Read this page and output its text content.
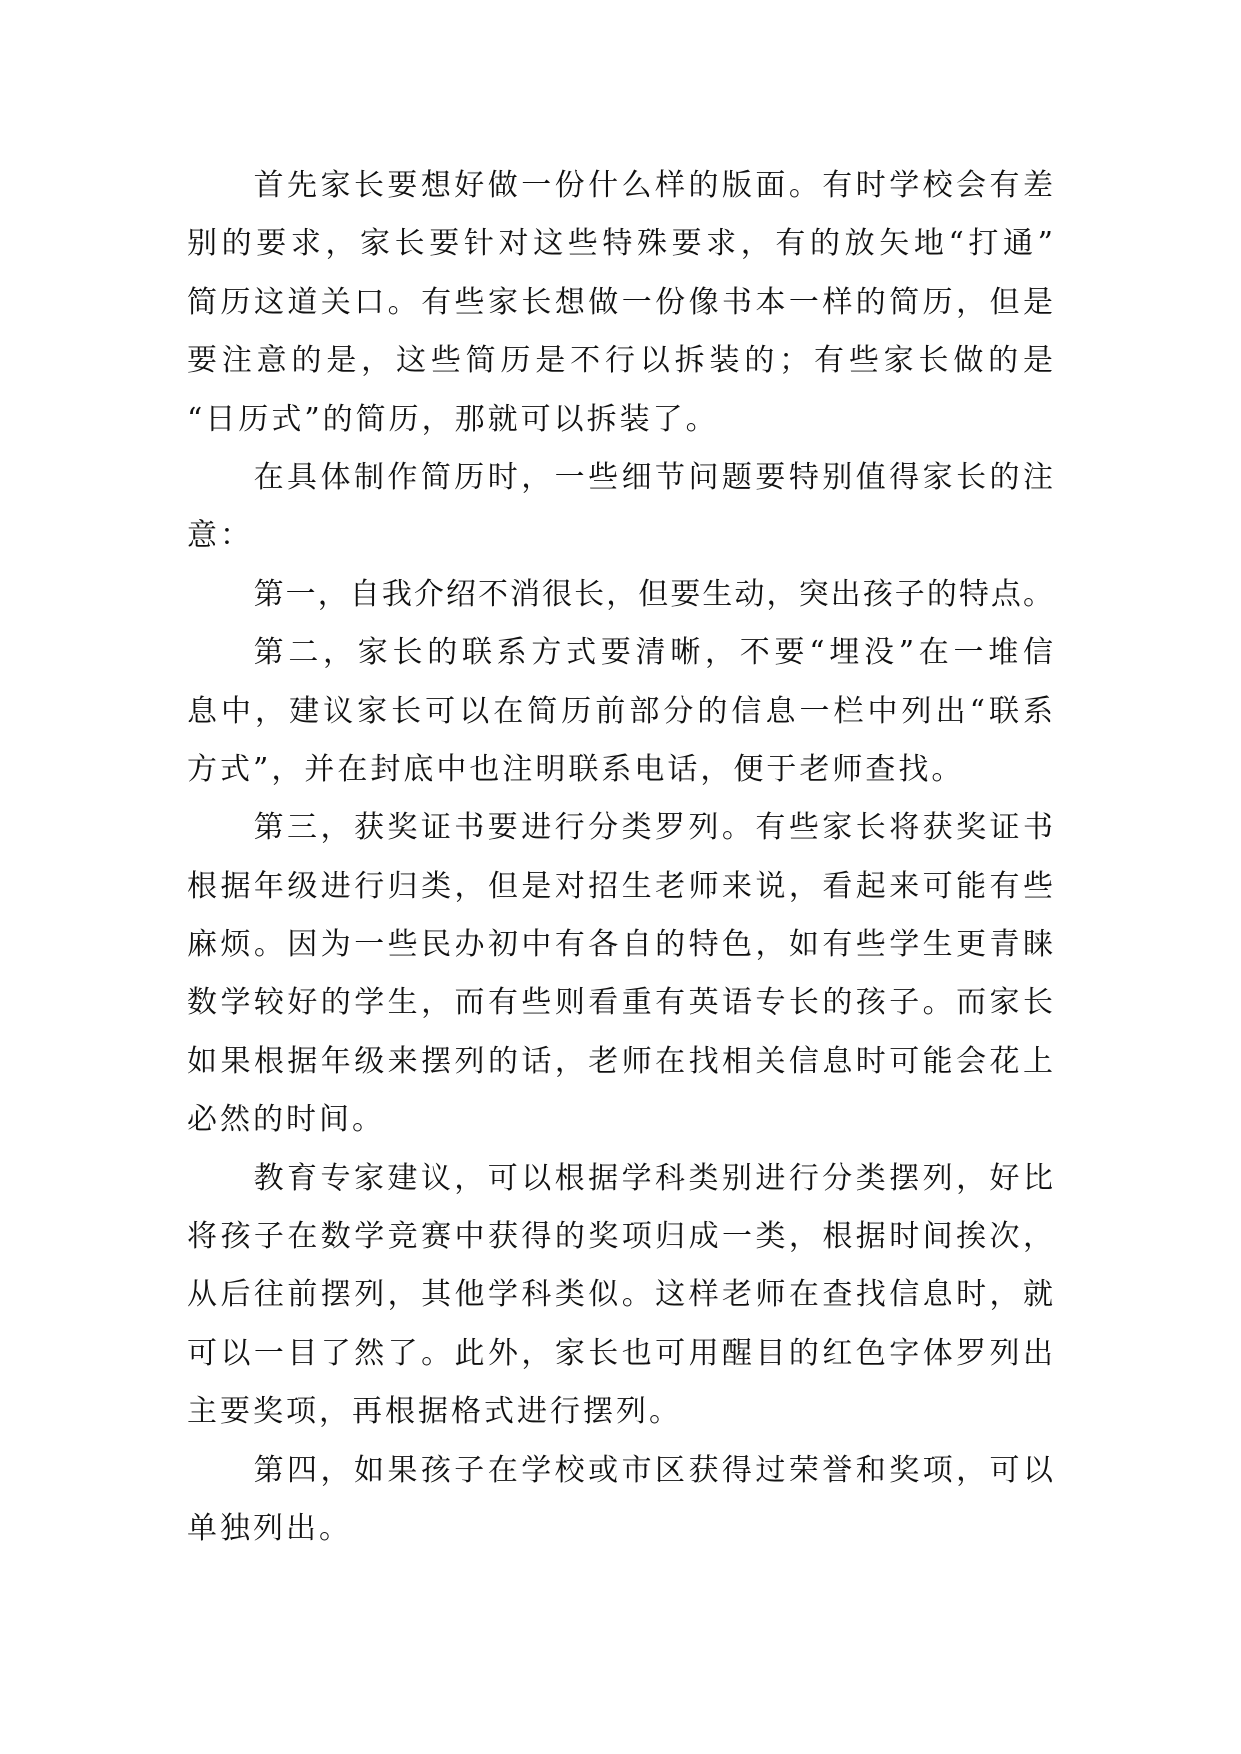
首先家长要想好做一份什么样的版面。有时学校会有差
别的要求，家长要针对这些特殊要求，有的放矢地“打通”
简历这道关口。有些家长想做一份像书本一样的简历，但是
要注意的是，这些简历是不行以拆装的；有些家长做的是
“日历式”的简历，那就可以拆装了。
在具体制作简历时，一些细节问题要特别值得家长的注
意：
第一，自我介绍不消很长，但要生动，突出孩子的特点。
第二，家长的联系方式要清晰，不要“埋没”在一堆信
息中，建议家长可以在简历前部分的信息一栏中列出“联系
方式”，并在封底中也注明联系电话，便于老师查找。
第三，获奖证书要进行分类罗列。有些家长将获奖证书
根据年级进行归类，但是对招生老师来说，看起来可能有些
麻烦。因为一些民办初中有各自的特色，如有些学生更青睐
数学较好的学生，而有些则看重有英语专长的孩子。而家长
如果根据年级来摆列的话，老师在找相关信息时可能会花上
必然的时间。
教育专家建议，可以根据学科类别进行分类摆列，好比
将孩子在数学竞赛中获得的奖项归成一类，根据时间挨次，
从后往前摆列，其他学科类似。这样老师在查找信息时，就
可以一目了然了。此外，家长也可用醒目的红色字体罗列出
主要奖项，再根据格式进行摆列。
第四，如果孩子在学校或市区获得过荣誉和奖项，可以
单独列出。
